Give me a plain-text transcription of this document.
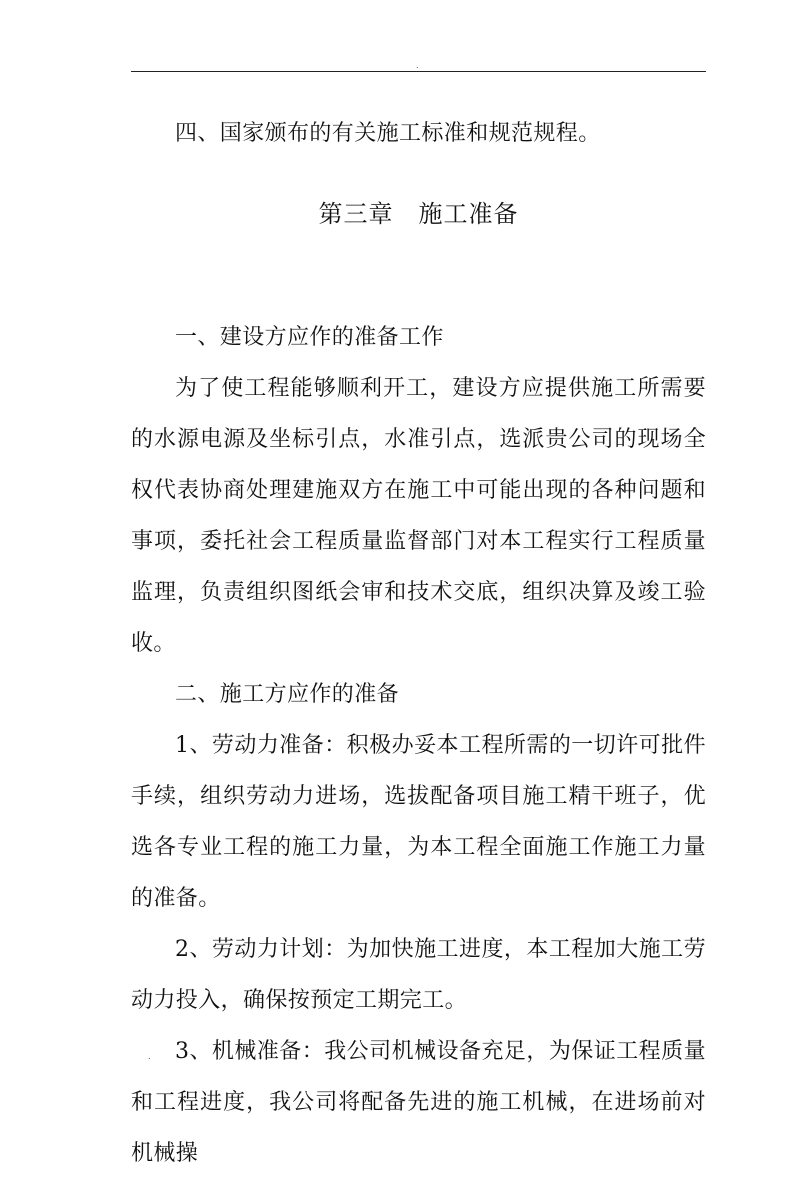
.

四、国家颁布的有关施工标准和规范规程。

第三章　施工准备

一、建设方应作的准备工作

为了使工程能够顺利开工，建设方应提供施工所需要的水源电源及坐标引点，水准引点，选派贵公司的现场全权代表协商处理建施双方在施工中可能出现的各种问题和事项，委托社会工程质量监督部门对本工程实行工程质量监理，负责组织图纸会审和技术交底，组织决算及竣工验收。

二、施工方应作的准备

1、劳动力准备：积极办妥本工程所需的一切许可批件手续，组织劳动力进场，选拔配备项目施工精干班子，优选各专业工程的施工力量，为本工程全面施工作施工力量的准备。

2、劳动力计划：为加快施工进度，本工程加大施工劳动力投入，确保按预定工期完工。

3、机械准备：我公司机械设备充足，为保证工程质量和工程进度，我公司将配备先进的施工机械，在进场前对机械操

.
